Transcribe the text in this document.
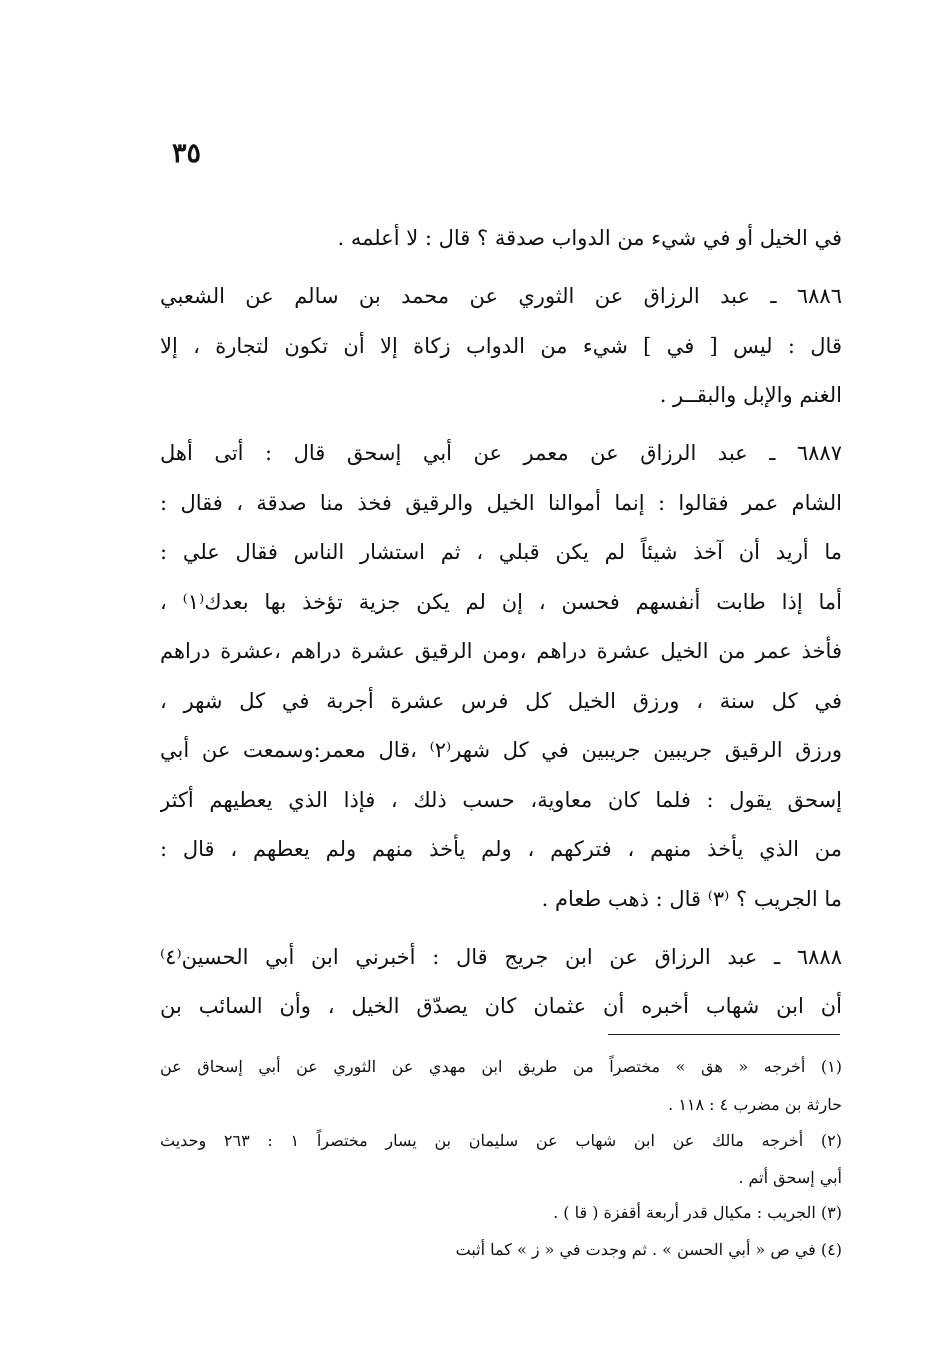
٣٥
في الخيل أو في شيء من الدواب صدقة ؟ قال : لا أعلمه .
٦٨٨٦ ـ عبد الرزاق عن الثوري عن محمد بن سالم عن الشعبي
قال : ليس [ في ] شيء من الدواب زكاة إلا أن تكون لتجارة ، إلا
الغنم والإبل والبقــر .
٦٨٨٧ ـ عبد الرزاق عن معمر عن أبي إسحق قال : أتى أهل
الشام عمر فقالوا : إنما أموالنا الخيل والرقيق فخذ منا صدقة ، فقال :
ما أريد أن آخذ شيئاً لم يكن قبلي ، ثم استشار الناس فقال علي :
أما إذا طابت أنفسهم فحسن ، إن لم يكن جزية تؤخذ بها بعدك⁽١⁾ ،
فأخذ عمر من الخيل عشرة دراهم ،ومن الرقيق عشرة دراهم ،عشرة دراهم
في كل سنة ، ورزق الخيل كل فرس عشرة أجربة في كل شهر ،
ورزق الرقيق جريبين جريبين في كل شهر⁽٢⁾ ،قال معمر:وسمعت عن أبي
إسحق يقول : فلما كان معاوية، حسب ذلك ، فإذا الذي يعطيهم أكثر
من الذي يأخذ منهم ، فتركهم ، ولم يأخذ منهم ولم يعطهم ، قال :
ما الجريب ؟ ⁽٣⁾ قال : ذهب طعام .
٦٨٨٨ ـ عبد الرزاق عن ابن جريج قال : أخبرني ابن أبي الحسين⁽٤⁾
أن ابن شهاب أخبره أن عثمان كان يصدّق الخيل ، وأن السائب بن
(١) أخرجه « هق » مختصراً من طريق ابن مهدي عن الثوري عن أبي إسحاق عن
حارثة بن مضرب ٤ : ١١٨ .
(٢) أخرجه مالك عن ابن شهاب عن سليمان بن يسار مختصراً ١ : ٢٦٣ وحديث
أبي إسحق أتم .
(٣) الجريب : مكيال قدر أربعة أقفزة ( قا ) .
(٤) في ص « أبي الحسن » . ثم وجدت في « ز » كما أثبت
